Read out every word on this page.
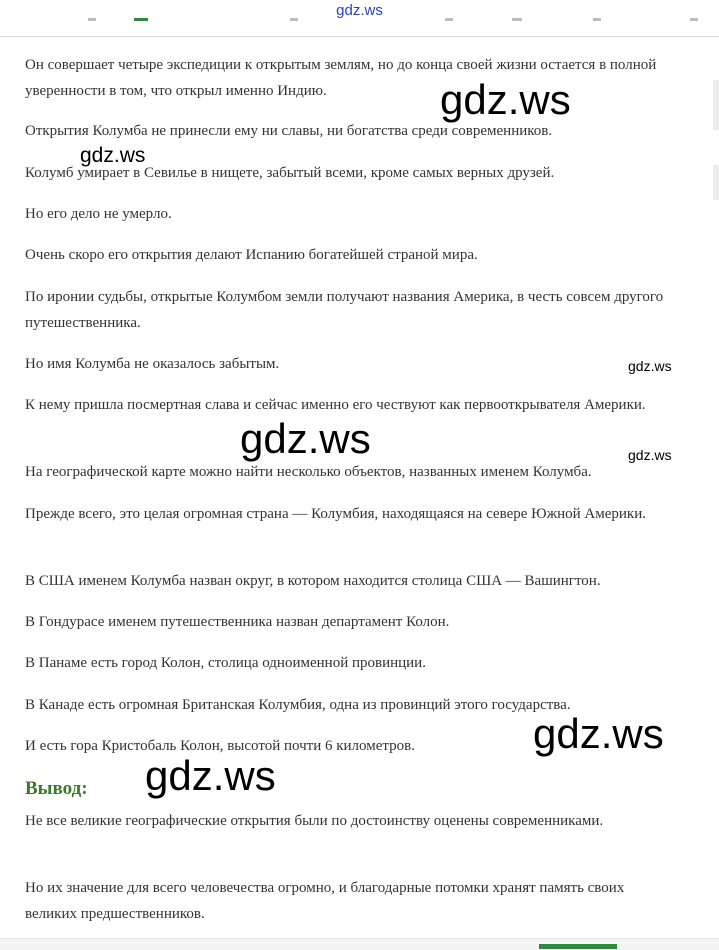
gdz.ws

Он совершает четыре экспедиции к открытым землям, но до конца своей жизни остается в полной уверенности в том, что открыл именно Индию.

Открытия Колумба не принесли ему ни славы, ни богатства среди современников.

Колумб умирает в Севилье в нищете, забытый всеми, кроме самых верных друзей.

Но его дело не умерло.

Очень скоро его открытия делают Испанию богатейшей страной мира.

По иронии судьбы, открытые Колумбом земли получают названия Америка, в честь совсем другого путешественника.

Но имя Колумба не оказалось забытым.

К нему пришла посмертная слава и сейчас именно его чествуют как первооткрывателя Америки.

На географической карте можно найти несколько объектов, названных именем Колумба.

Прежде всего, это целая огромная страна — Колумбия, находящаяся на севере Южной Америки.

В США именем Колумба назван округ, в котором находится столица США — Вашингтон.

В Гондурасе именем путешественника назван департамент Колон.

В Панаме есть город Колон, столица одноименной провинции.

В Канаде есть огромная Британская Колумбия, одна из провинций этого государства.

И есть гора Кристобаль Колон, высотой почти 6 километров.

Вывод:

Не все великие географические открытия были по достоинству оценены современниками.

Но их значение для всего человечества огромно, и благодарные потомки хранят память своих великих предшественников.

gdz.ws
gdz.ws
gdz.ws
gdz.ws	gdz.ws
gdz.ws
gdz.ws
